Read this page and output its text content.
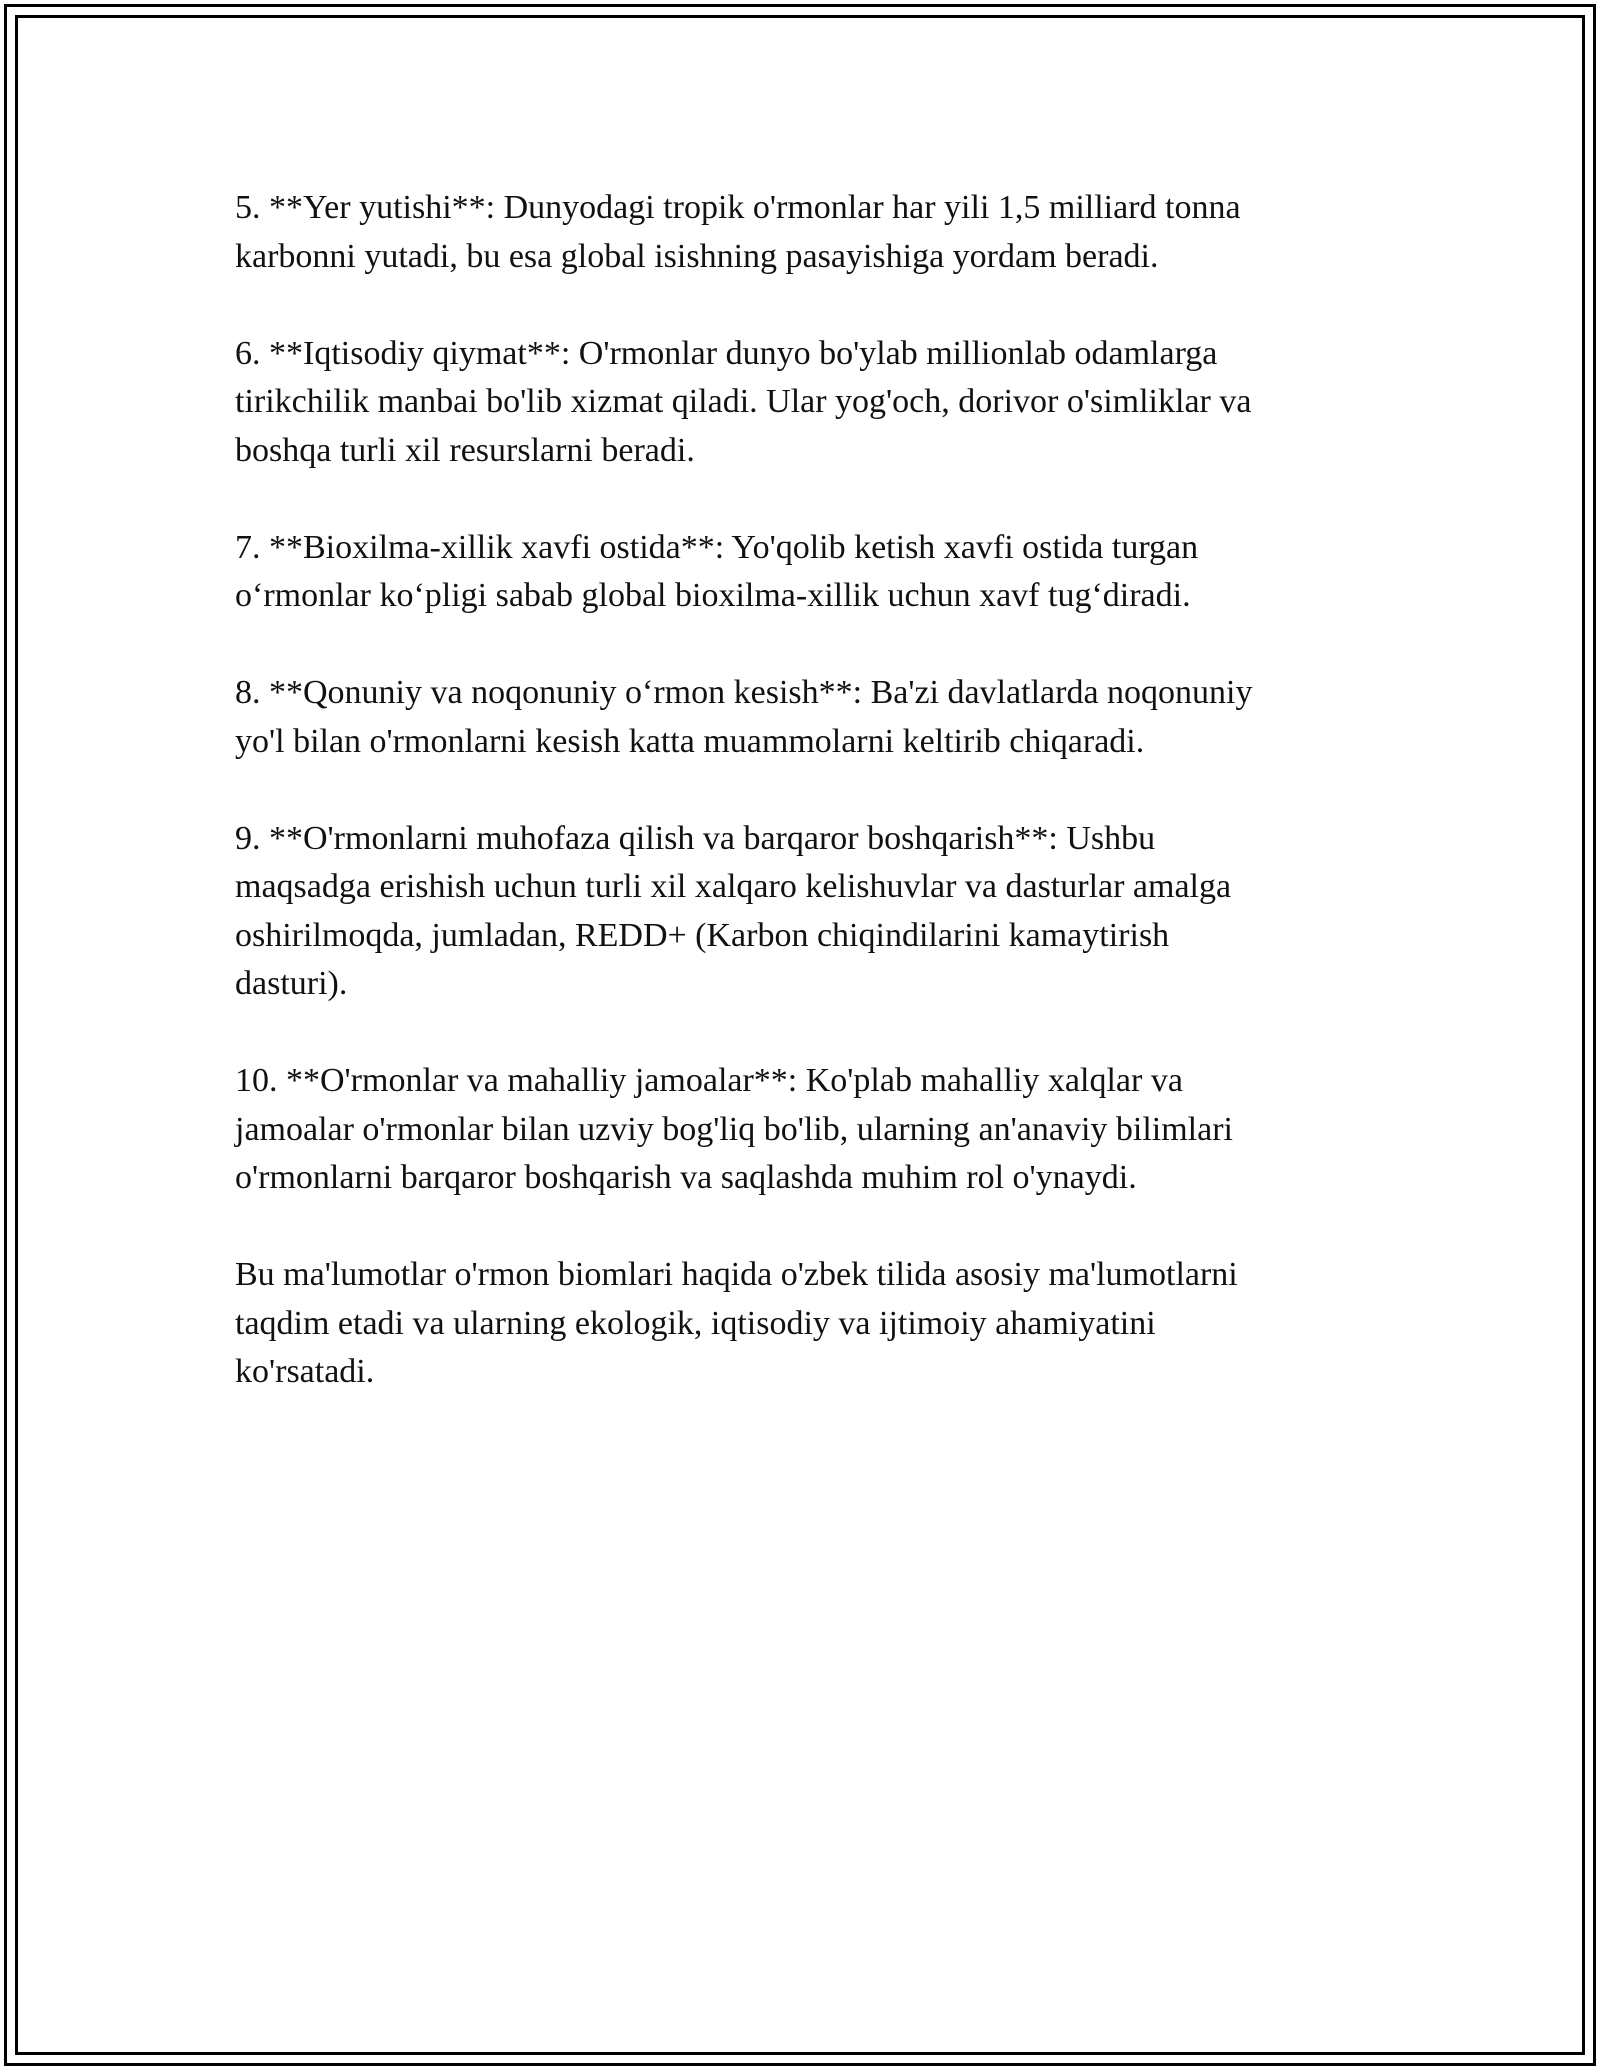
5. **Yer yutishi**: Dunyodagi tropik o'rmonlar har yili 1,5 milliard tonna
karbonni yutadi, bu esa global isishning pasayishiga yordam beradi.

6. **Iqtisodiy qiymat**: O'rmonlar dunyo bo'ylab millionlab odamlarga
tirikchilik manbai bo'lib xizmat qiladi. Ular yog'och, dorivor o'simliklar va
boshqa turli xil resurslarni beradi.

7. **Bioxilma-xillik xavfi ostida**: Yo'qolib ketish xavfi ostida turgan
o‘rmonlar ko‘pligi sabab global bioxilma-xillik uchun xavf tug‘diradi.

8. **Qonuniy va noqonuniy o‘rmon kesish**: Ba'zi davlatlarda noqonuniy
yo'l bilan o'rmonlarni kesish katta muammolarni keltirib chiqaradi.

9. **O'rmonlarni muhofaza qilish va barqaror boshqarish**: Ushbu
maqsadga erishish uchun turli xil xalqaro kelishuvlar va dasturlar amalga
oshirilmoqda, jumladan, REDD+ (Karbon chiqindilarini kamaytirish
dasturi).

10. **O'rmonlar va mahalliy jamoalar**: Ko'plab mahalliy xalqlar va
jamoalar o'rmonlar bilan uzviy bog'liq bo'lib, ularning an'anaviy bilimlari
o'rmonlarni barqaror boshqarish va saqlashda muhim rol o'ynaydi.

Bu ma'lumotlar o'rmon biomlari haqida o'zbek tilida asosiy ma'lumotlarni
taqdim etadi va ularning ekologik, iqtisodiy va ijtimoiy ahamiyatini
ko'rsatadi.
